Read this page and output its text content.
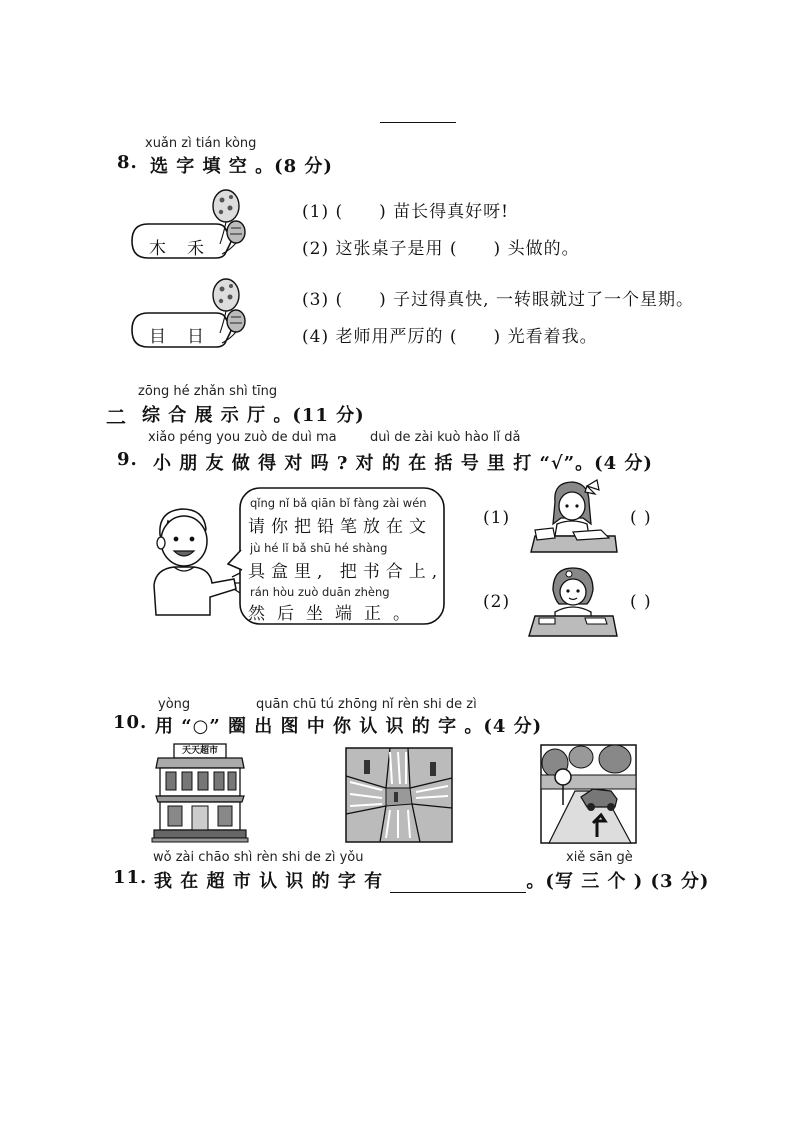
xuǎn zì tián kòng
8. 选 字 填 空 。(8 分)
木 禾
目 日
(1) ( ) 苗长得真好呀!
(2) 这张桌子是用 ( ) 头做的。
(3) ( ) 子过得真快, 一转眼就过了一个星期。
(4) 老师用严厉的 ( ) 光看着我。
zōng hé zhǎn shì tīng
二 综 合 展 示 厅 。(11 分)
xiǎo péng you zuò de duì ma	duì de zài kuò hào lǐ dǎ
9. 小 朋 友 做 得 对 吗 ? 对 的 在 括 号 里 打 “√”。(4 分)
qǐng nǐ bǎ qiān bǐ fàng zài wén
请你把铅笔放在文
jù hé lǐ bǎ shū hé shàng
具盒里, 把书合上,
rán hòu zuò duān zhèng
然后坐端正。
(1)	( )
(2)	( )
yòng	quān chū tú zhōng nǐ rèn shi de zì
10. 用 “○” 圈 出 图 中 你 认 识 的 字 。(4 分)
天天超市
wǒ zài chāo shì rèn shi de zì yǒu	xiě sān gè
11. 我 在 超 市 认 识 的 字 有	。(写 三 个 ) (3 分)
